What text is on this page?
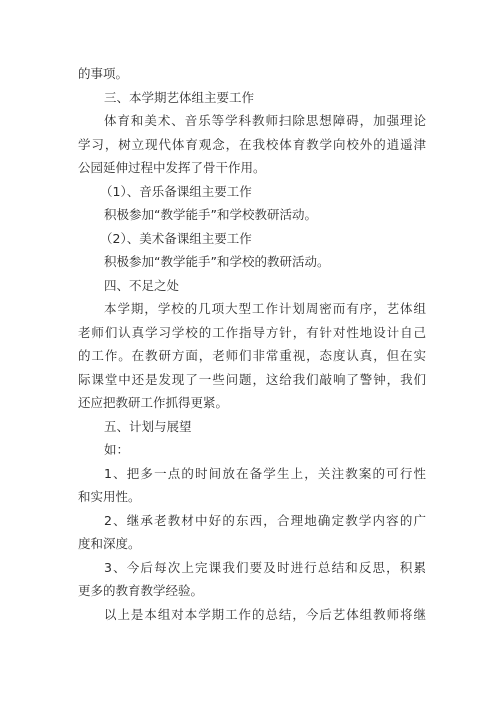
的事项。
三、本学期艺体组主要工作
体育和美术、音乐等学科教师扫除思想障碍，加强理论
学习，树立现代体育观念，在我校体育教学向校外的逍遥津
公园延伸过程中发挥了骨干作用。
（1）、音乐备课组主要工作
积极参加“教学能手”和学校教研活动。
（2）、美术备课组主要工作
积极参加“教学能手”和学校的教研活动。
四、不足之处
本学期，学校的几项大型工作计划周密而有序，艺体组
老师们认真学习学校的工作指导方针，有针对性地设计自己
的工作。在教研方面，老师们非常重视，态度认真，但在实
际课堂中还是发现了一些问题，这给我们敲响了警钟，我们
还应把教研工作抓得更紧。
五、计划与展望
如：
1、把多一点的时间放在备学生上，关注教案的可行性
和实用性。
2、继承老教材中好的东西，合理地确定教学内容的广
度和深度。
3、今后每次上完课我们要及时进行总结和反思，积累
更多的教育教学经验。
以上是本组对本学期工作的总结，今后艺体组教师将继
